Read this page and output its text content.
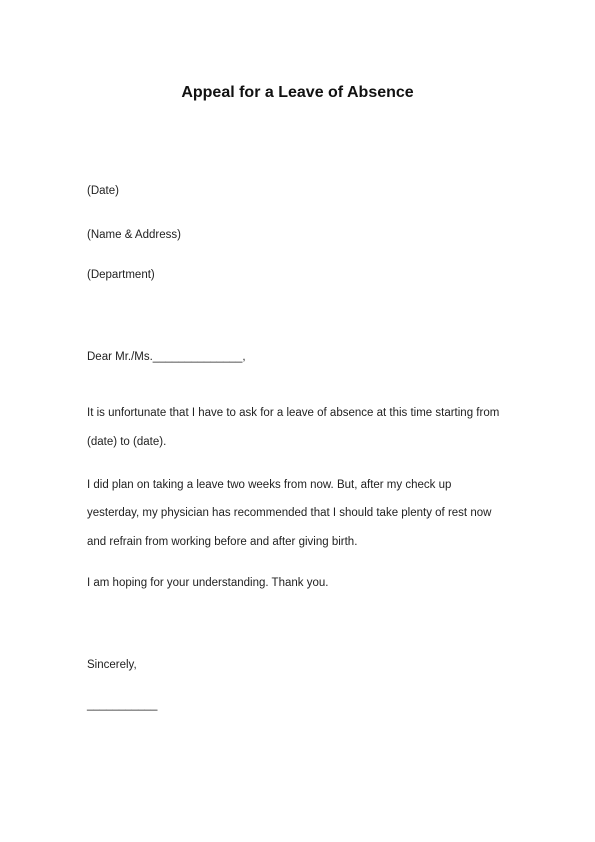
Appeal for a Leave of Absence
(Date)
(Name & Address)
(Department)
Dear Mr./Ms.______________,
It is unfortunate that I have to ask for a leave of absence at this time starting from
(date) to (date).
I did plan on taking a leave two weeks from now. But, after my check up
yesterday, my physician has recommended that I should take plenty of rest now
and refrain from working before and after giving birth.
I am hoping for your understanding. Thank you.
Sincerely,
___________
